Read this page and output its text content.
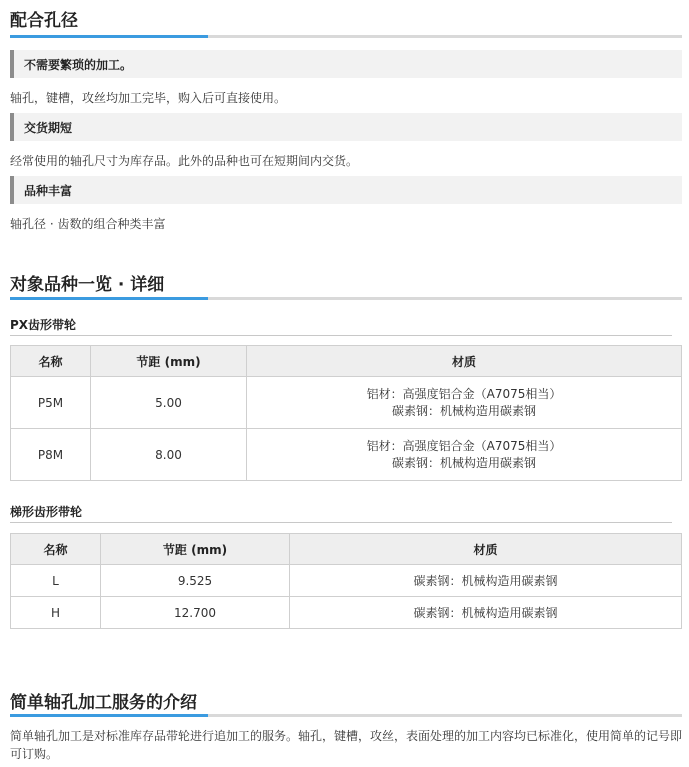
配合孔径
不需要繁琐的加工。
轴孔，键槽，攻丝均加工完毕，购入后可直接使用。
交货期短
经常使用的轴孔尺寸为库存品。此外的品种也可在短期间内交货。
品种丰富
轴孔径 · 齿数的组合种类丰富
对象品种一览 · 详细
PX齿形带轮
名称	节距 (mm)	材质
P5M	5.00	铝材：高强度铝合金（A7075相当）
碳素钢：机械构造用碳素钢

P8M	8.00	铝材：高强度铝合金（A7075相当）
碳素钢：机械构造用碳素钢
梯形齿形带轮
名称	节距 (mm)	材质
L	9.525	碳素钢：机械构造用碳素钢
H	12.700	碳素钢：机械构造用碳素钢
简单轴孔加工服务的介绍
简单轴孔加工是对标准库存品带轮进行追加工的服务。轴孔，键槽，攻丝，表面处理的加工内容均已标准化，使用简单的记号即可订购。
